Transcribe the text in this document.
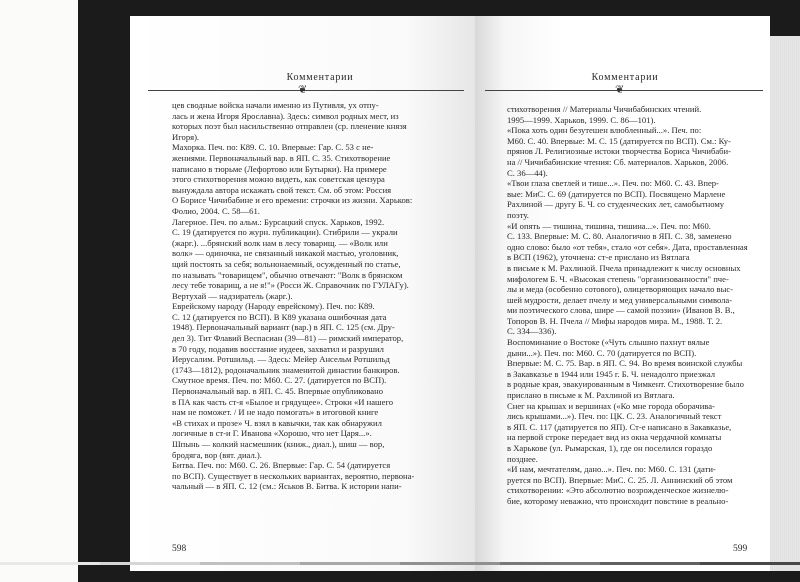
Комментарии
❦
цев сводные войска начали именно из Путивля, ух отпу-
лась и жена Игоря Ярославна). Здесь: символ родных мест, из
которых поэт был насильственно отправлен (ср. пленение князя
Игоря).
Махорка. Печ. по: К89. С. 10. Впервые: Гар. С. 53 с не-
жениями. Первоначальный вар. в ЯП. С. 35. Стихотворение
написано в тюрьме (Лефортово или Бутырки). На примере
этого стихотворения можно видеть, как советская цензура
вынуждала автора искажать свой текст. См. об этом: Россия
О Борисе Чичибабине и его времени: строчки из жизни. Харьков:
Фолио, 2004. С. 58—61.
Лагерное. Печ. по альм.: Бурсацкий спуск. Харьков, 1992.
С. 19 (датируется по журн. публикации). Стибрили — украли
(жарг.). ...брянский волк нам в лесу товарищ. — «Волк или
волк» — одиночка, не связанный никакой мастью, уголовник,
щий постоять за себя; вольнонаемный, осужденный по статье,
по называть "товарищем", обычно отвечают: "Волк в брянском
лесу тебе товарищ, а не я!"» (Росси Ж. Справочник по ГУЛАГу).
Вертухай — надзиратель (жарг.).
Еврейскому народу (Народу еврейскому). Печ. по: К89.
С. 12 (датируется по ВСП). В К89 указана ошибочная дата
1948). Первоначальный вариант (вар.) в ЯП. С. 125 (см. Дру-
дел 3). Тит Флавий Веспасиан (39—81) — римский император,
в 70 году, подавив восстание иудеев, захватил и разрушил
Иерусалим. Ротшильд. — Здесь: Мейер Ансельм Ротшильд
(1743—1812), родоначальник знаменитой династии банкиров.
Смутное время. Печ. по: М60. С. 27. (датируется по ВСП).
Первоначальный вар. в ЯП. С. 45. Впервые опубликовано
в ПА как часть ст-я «Былое и грядущее». Строки «И нашего
нам не поможет. / И не надо помогать» в итоговой книге
«В стихах и прозе» Ч. взял в кавычки, так как обнаружил
логичные в ст-и Г. Иванова «Хорошо, что нет Царя...».
Шпынь — колкий насмешник (книж., диал.), шиш — вор,
бродяга, вор (вят. диал.).
Битва. Печ. по: М60. С. 26. Впервые: Гар. С. 54 (датируется
по ВСП). Существует в нескольких вариантах, вероятно, первона-
чальный — в ЯП. С. 12 (см.: Яськов В. Битва. К истории напи-
598
Комментарии
❦
стихотворения // Материалы Чичибабинских чтений.
1995—1999. Харьков, 1999. С. 86—101).
«Пока хоть один безутешен влюбленный...». Печ. по:
М60. С. 40. Впервые: М. С. 15 (датируется по ВСП). См.: Ку-
прянов Л. Религиозные истоки творчества Бориса Чичибаби-
на // Чичибабинские чтения: Сб. материалов. Харьков, 2006.
С. 36—44).
«Твои глаза светлей и тише...». Печ. по: М60. С. 43. Впер-
вые: МиС. С. 69 (датируется по ВСП). Посвящено Марлене
Рахлиной — другу Б. Ч. со студенческих лет, самобытному
поэту.
«И опять — тишина, тишина, тишина...». Печ. по: М60.
С. 133. Впервые: М. С. 80. Аналогично в ЯП. С. 38, заменено
одно слово: было «от тебя», стало «от себя». Дата, проставленная
в ВСП (1962), уточнена: ст-е прислано из Вятлага
в письме к М. Рахлиной. Пчела принадлежит к числу основных
мифологем Б. Ч. «Высокая степень "организованности" пче-
лы и меда (особенно сотового), олицетворяющих начало выс-
шей мудрости, делает пчелу и мед универсальными символа-
ми поэтического слова, шире — самой поэзии» (Иванов В. В.,
Топоров В. Н. Пчела // Мифы народов мира. М., 1988. Т. 2.
С. 334—336).
Воспоминание о Востоке («Чуть слышно пахнут вялые
дыни...»). Печ. по: М60. С. 70 (датируется по ВСП).
Впервые: М. С. 75. Вар. в ЯП. С. 94. Во время воинской службы
в Закавказье в 1944 или 1945 г. Б. Ч. ненадолго приезжал
в родные края, эвакуированным в Чимкент. Стихотворение было
прислано в письме к М. Рахлиной из Вятлага.
Снег на крышах и вершинах («Ко мне города оборачива-
лись крышами...»). Печ. по: ЦК. С. 23. Аналогичный текст
в ЯП. С. 117 (датируется по ЯП). Ст-е написано в Закавказье,
на первой строке передает вид из окна чердачной комнаты
в Харькове (ул. Рымарская, 1), где он поселился гораздо
позднее.
«И нам, мечтателям, дано...». Печ. по: М60. С. 131 (дати-
руется по ВСП). Впервые: МиС. С. 25. Л. Аннинский об этом
стихотворении: «Это абсолютно возрожденческое жизнелю-
бие, которому неважно, что происходит повстине в реально-
599
